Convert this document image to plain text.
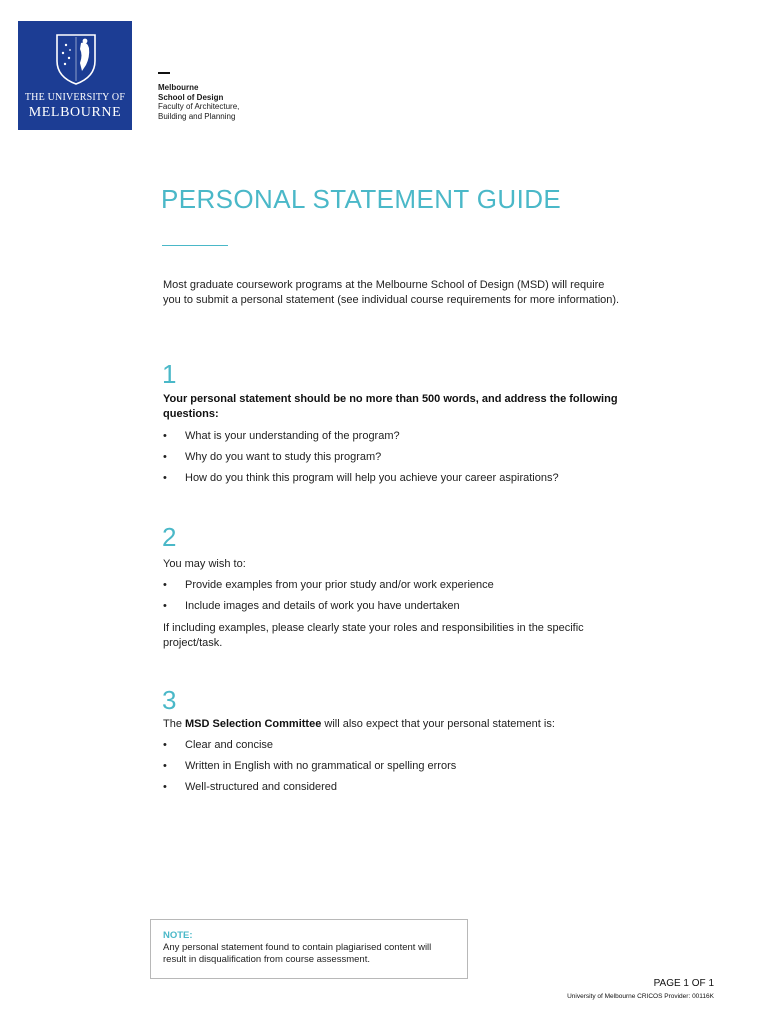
THE UNIVERSITY OF
MELBOURNE
Melbourne
School of Design
Faculty of Architecture,
Building and Planning
PERSONAL STATEMENT GUIDE

Most graduate coursework programs at the Melbourne School of Design (MSD) will require you to submit a personal statement (see individual course requirements for more information).

1

Your personal statement should be no more than 500 words, and address the following questions:

• What is your understanding of the program?
• Why do you want to study this program?
• How do you think this program will help you achieve your career aspirations?
2

You may wish to:

• Provide examples from your prior study and/or work experience
• Include images and details of work you have undertaken

If including examples, please clearly state your roles and responsibilities in the specific project/task.

3

The MSD Selection Committee will also expect that your personal statement is:

• Clear and concise
• Written in English with no grammatical or spelling errors
• Well-structured and considered
NOTE:
Any personal statement found to contain plagiarised content will result in disqualification from course assessment.
PAGE 1 OF 1
University of Melbourne CRICOS Provider: 00116K
